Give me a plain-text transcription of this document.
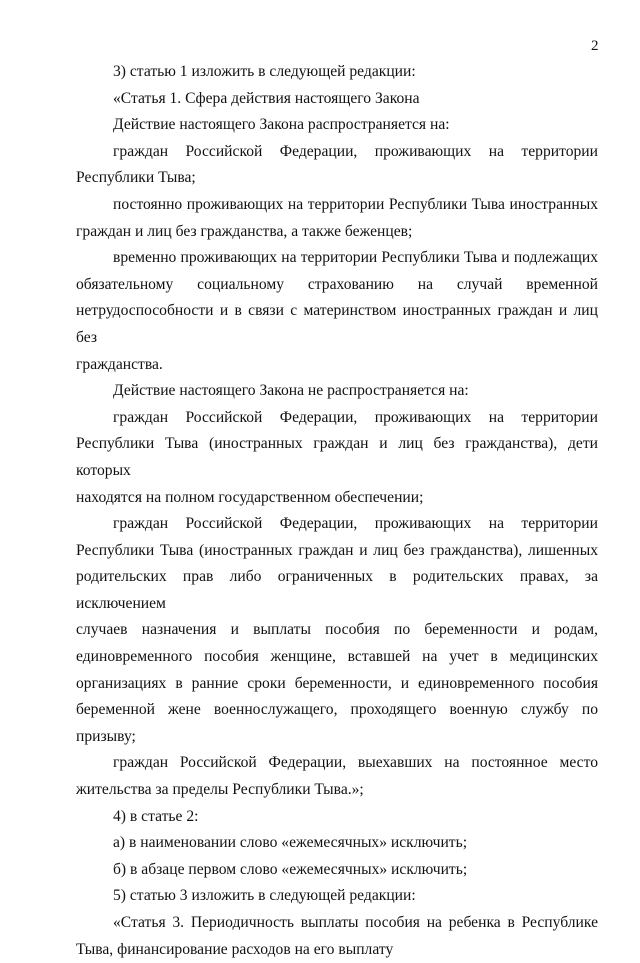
2

3) статью 1 изложить в следующей редакции:

«Статья 1. Сфера действия настоящего Закона

Действие настоящего Закона распространяется на:

граждан Российской Федерации, проживающих на территории
Республики Тыва;

постоянно проживающих на территории Республики Тыва иностранных
граждан и лиц без гражданства, а также беженцев;

временно проживающих на территории Республики Тыва и подлежащих
обязательному социальному страхованию на случай временной
нетрудоспособности и в связи с материнством иностранных граждан и лиц без
гражданства.

Действие настоящего Закона не распространяется на:

граждан Российской Федерации, проживающих на территории
Республики Тыва (иностранных граждан и лиц без гражданства), дети которых
находятся на полном государственном обеспечении;

граждан Российской Федерации, проживающих на территории
Республики Тыва (иностранных граждан и лиц без гражданства), лишенных
родительских прав либо ограниченных в родительских правах, за исключением
случаев назначения и выплаты пособия по беременности и родам,
единовременного пособия женщине, вставшей на учет в медицинских
организациях в ранние сроки беременности, и единовременного пособия
беременной жене военнослужащего, проходящего военную службу по призыву;

граждан Российской Федерации, выехавших на постоянное место
жительства за пределы Республики Тыва.»;

4) в статье 2:

а) в наименовании слово «ежемесячных» исключить;

б) в абзаце первом слово «ежемесячных» исключить;

5) статью 3 изложить в следующей редакции:

«Статья 3. Периодичность выплаты пособия на ребенка в Республике
Тыва, финансирование расходов на его выплату
